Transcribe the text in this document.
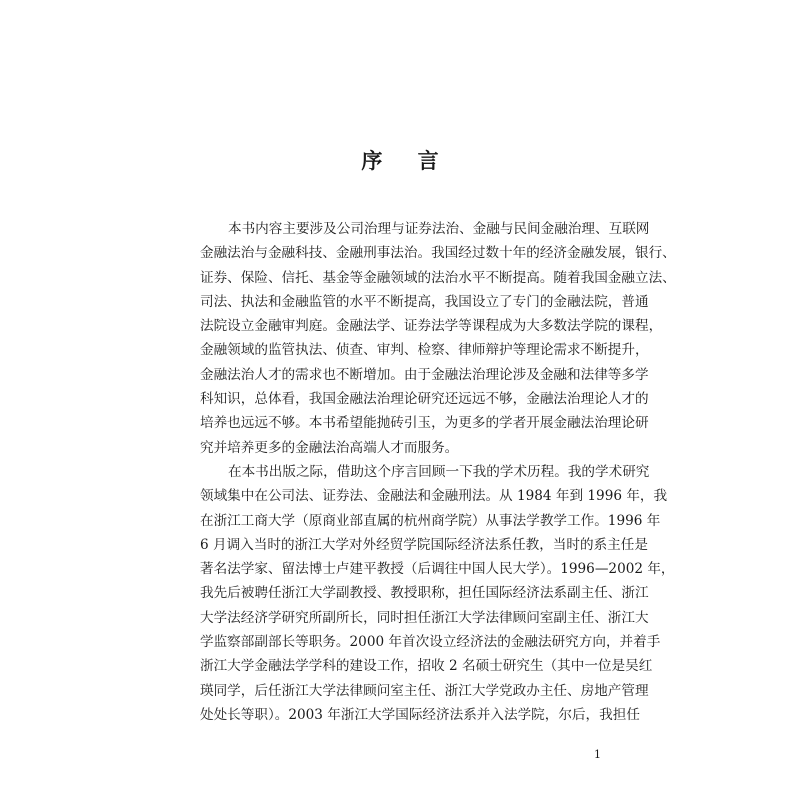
序 言
本书内容主要涉及公司治理与证券法治、金融与民间金融治理、互联网
金融法治与金融科技、金融刑事法治。我国经过数十年的经济金融发展，银行、
证券、保险、信托、基金等金融领域的法治水平不断提高。随着我国金融立法、
司法、执法和金融监管的水平不断提高，我国设立了专门的金融法院，普通
法院设立金融审判庭。金融法学、证券法学等课程成为大多数法学院的课程，
金融领域的监管执法、侦查、审判、检察、律师辩护等理论需求不断提升，
金融法治人才的需求也不断增加。由于金融法治理论涉及金融和法律等多学
科知识，总体看，我国金融法治理论研究还远远不够，金融法治理论人才的
培养也远远不够。本书希望能抛砖引玉，为更多的学者开展金融法治理论研
究并培养更多的金融法治高端人才而服务。
在本书出版之际，借助这个序言回顾一下我的学术历程。我的学术研究
领域集中在公司法、证券法、金融法和金融刑法。从 1984 年到 1996 年，我
在浙江工商大学（原商业部直属的杭州商学院）从事法学教学工作。1996 年
6 月调入当时的浙江大学对外经贸学院国际经济法系任教，当时的系主任是
著名法学家、留法博士卢建平教授（后调往中国人民大学）。1996—2002 年，
我先后被聘任浙江大学副教授、教授职称，担任国际经济法系副主任、浙江
大学法经济学研究所副所长，同时担任浙江大学法律顾问室副主任、浙江大
学监察部副部长等职务。2000 年首次设立经济法的金融法研究方向，并着手
浙江大学金融法学学科的建设工作，招收 2 名硕士研究生（其中一位是吴红
瑛同学，后任浙江大学法律顾问室主任、浙江大学党政办主任、房地产管理
处处长等职）。2003 年浙江大学国际经济法系并入法学院，尔后，我担任
1
